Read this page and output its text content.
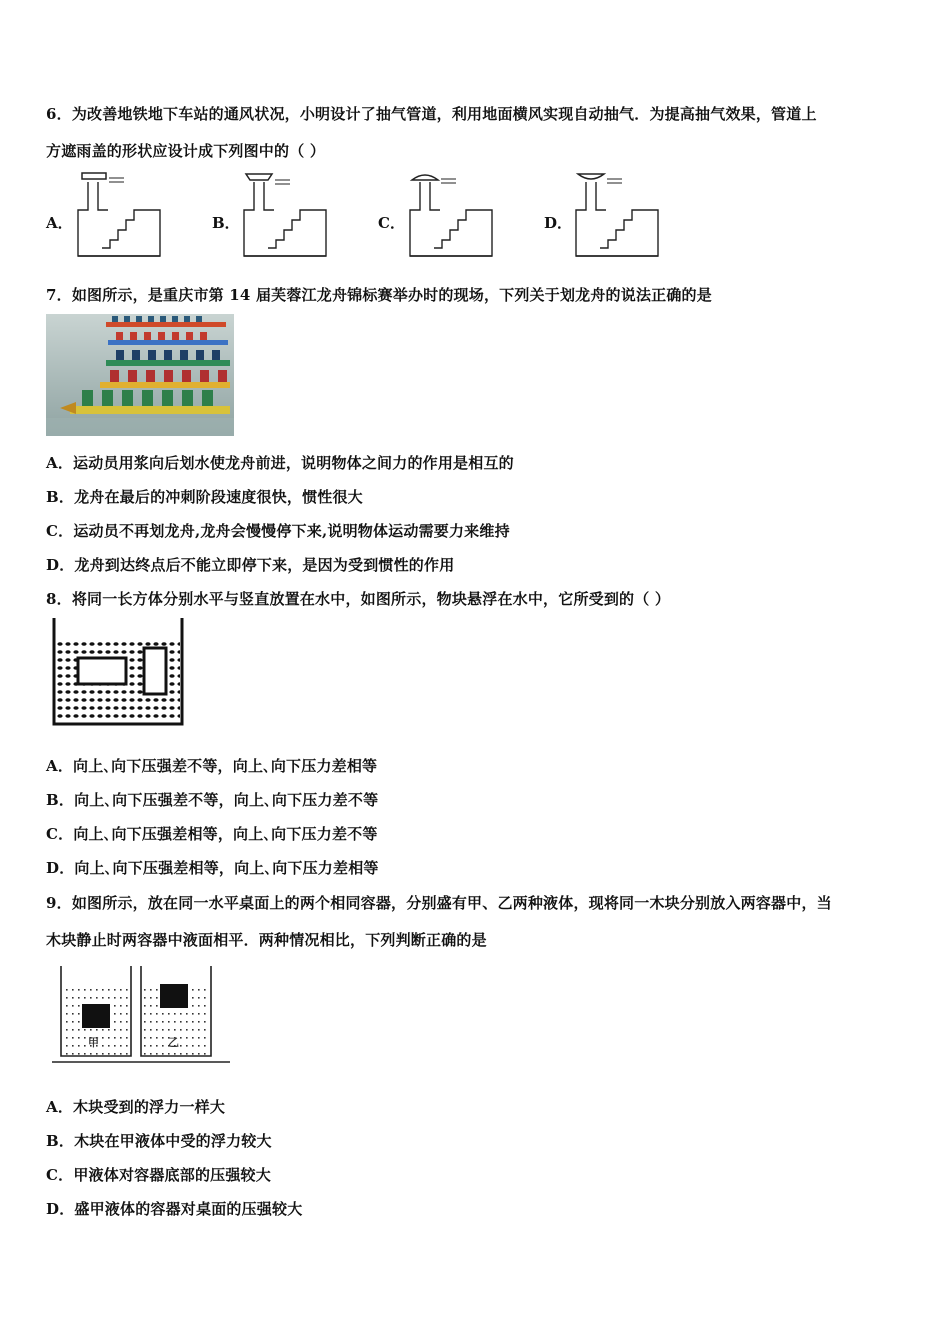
6．为改善地铁地下车站的通风状况，小明设计了抽气管道，利用地面横风实现自动抽气．为提高抽气效果，管道上
方遮雨盖的形状应设计成下列图中的（ ）
A．	B．	C．	D．
7．如图所示，是重庆市第 14 届芙蓉江龙舟锦标赛举办时的现场，下列关于划龙舟的说法正确的是
A．运动员用浆向后划水使龙舟前进，说明物体之间力的作用是相互的
B．龙舟在最后的冲刺阶段速度很快，惯性很大
C．运动员不再划龙舟,龙舟会慢慢停下来,说明物体运动需要力来维持
D．龙舟到达终点后不能立即停下来，是因为受到惯性的作用
8．将同一长方体分别水平与竖直放置在水中，如图所示，物块悬浮在水中，它所受到的（ ）
A．向上､向下压强差不等，向上､向下压力差相等
B．向上､向下压强差不等，向上､向下压力差不等
C．向上､向下压强差相等，向上､向下压力差不等
D．向上､向下压强差相等，向上､向下压力差相等
9．如图所示，放在同一水平桌面上的两个相同容器，分别盛有甲、乙两种液体，现将同一木块分别放入两容器中，当
木块静止时两容器中液面相平．两种情况相比，下列判断正确的是
甲	乙
A．木块受到的浮力一样大
B．木块在甲液体中受的浮力较大
C．甲液体对容器底部的压强较大
D．盛甲液体的容器对桌面的压强较大
